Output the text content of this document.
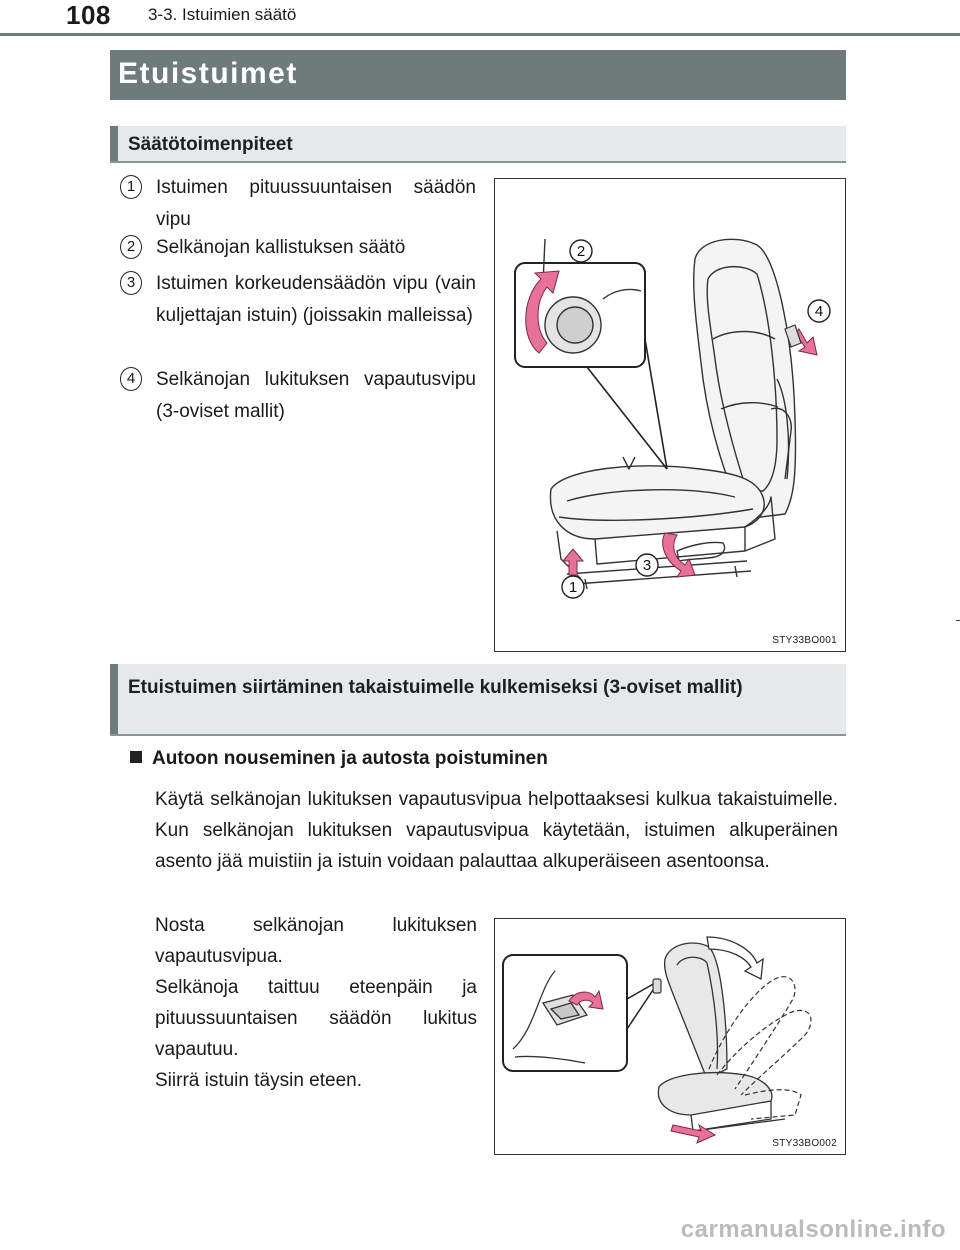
108 3-3. Istuimien säätö
Etuistuimet
Säätötoimenpiteet
1	Istuimen pituussuuntaisen säädön vipu
2	Selkänojan kallistuksen säätö
3	Istuimen korkeudensäädön vipu (vain kuljettajan istuin) (joissakin malleissa)
4	Selkänojan lukituksen vapautusvipu (3-oviset mallit)
2
4
3
1
STY33BO001
Etuistuimen siirtäminen takaistuimelle kulkemiseksi (3-oviset mallit)
Autoon nouseminen ja autosta poistuminen
Käytä selkänojan lukituksen vapautusvipua helpottaaksesi kulkua takaistuimelle. Kun selkänojan lukituksen vapautusvipua käytetään, istuimen alkuperäinen asento jää muistiin ja istuin voidaan palauttaa alkuperäiseen asentoonsa.
Nosta selkänojan lukituksen vapautusvipua.
Selkänoja taittuu eteenpäin ja pituussuuntaisen säädön lukitus vapautuu.
Siirrä istuin täysin eteen.
STY33BO002
carmanualsonline.info
